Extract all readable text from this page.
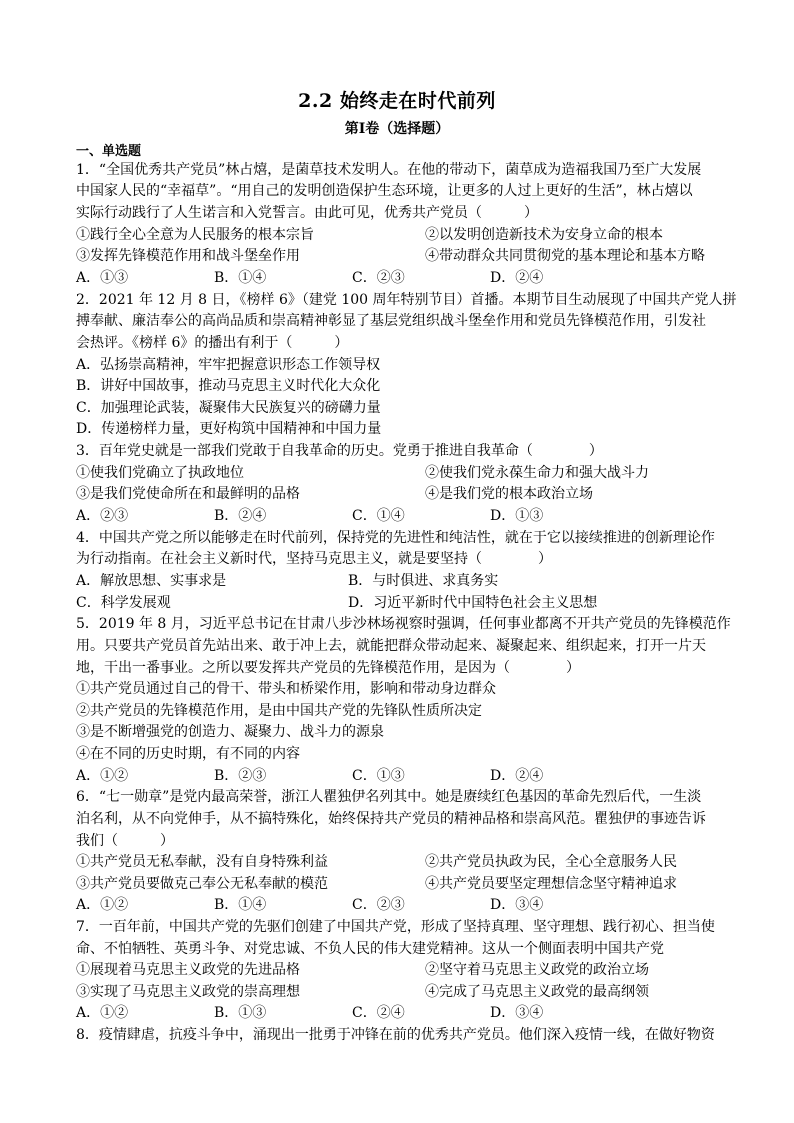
2.2 始终走在时代前列
第I卷（选择题）
一、单选题
1．“全国优秀共产党员”林占熺，是菌草技术发明人。在他的带动下，菌草成为造福我国乃至广大发展
中国家人民的“幸福草”。“用自己的发明创造保护生态环境，让更多的人过上更好的生活”，林占熺以
实际行动践行了人生诺言和入党誓言。由此可见，优秀共产党员（　　　）
①践行全心全意为人民服务的根本宗旨	②以发明创造新技术为安身立命的根本
③发挥先锋模范作用和战斗堡垒作用	④带动群众共同贯彻党的基本理论和基本方略
A．①③	B．①④	C．②③	D．②④
2．2021 年 12 月 8 日，《榜样 6》（建党 100 周年特别节目）首播。本期节目生动展现了中国共产党人拼
搏奉献、廉洁奉公的高尚品质和崇高精神彰显了基层党组织战斗堡垒作用和党员先锋模范作用，引发社
会热评。《榜样 6》的播出有利于（　　　）
A．弘扬崇高精神，牢牢把握意识形态工作领导权
B．讲好中国故事，推动马克思主义时代化大众化
C．加强理论武装，凝聚伟大民族复兴的磅礴力量
D．传递榜样力量，更好构筑中国精神和中国力量
3．百年党史就是一部我们党敢于自我革命的历史。党勇于推进自我革命（　　　　）
①使我们党确立了执政地位	②使我们党永葆生命力和强大战斗力
③是我们党使命所在和最鲜明的品格	④是我们党的根本政治立场
A．②③	B．②④	C．①④	D．①③
4．中国共产党之所以能够走在时代前列，保持党的先进性和纯洁性，就在于它以接续推进的创新理论作
为行动指南。在社会主义新时代，坚持马克思主义，就是要坚持（　　　　）
A．解放思想、实事求是	B．与时俱进、求真务实
C．科学发展观	D．习近平新时代中国特色社会主义思想
5．2019 年 8 月，习近平总书记在甘肃八步沙林场视察时强调，任何事业都离不开共产党员的先锋模范作
用。只要共产党员首先站出来、敢于冲上去，就能把群众带动起来、凝聚起来、组织起来，打开一片天
地，干出一番事业。之所以要发挥共产党员的先锋模范作用，是因为（　　　　）
①共产党员通过自己的骨干、带头和桥梁作用，影响和带动身边群众
②共产党员的先锋模范作用，是由中国共产党的先锋队性质所决定
③是不断增强党的创造力、凝聚力、战斗力的源泉
④在不同的历史时期，有不同的内容
A．①②	B．②③	C．①③	D．②④
6．“七一勋章”是党内最高荣誉，浙江人瞿独伊名列其中。她是赓续红色基因的革命先烈后代，一生淡
泊名利，从不向党伸手，从不搞特殊化，始终保持共产党员的精神品格和崇高风范。瞿独伊的事迹告诉
我们（　　　）
①共产党员无私奉献，没有自身特殊利益	②共产党员执政为民，全心全意服务人民
③共产党员要做克己奉公无私奉献的模范	④共产党员要坚定理想信念坚守精神追求
A．①②	B．①④	C．②③	D．③④
7．一百年前，中国共产党的先驱们创建了中国共产党，形成了坚持真理、坚守理想、践行初心、担当使
命、不怕牺牲、英勇斗争、对党忠诚、不负人民的伟大建党精神。这从一个侧面表明中国共产党
①展现着马克思主义政党的先进品格	②坚守着马克思主义政党的政治立场
③实现了马克思主义政党的崇高理想	④完成了马克思主义政党的最高纲领
A．①②	B．①③	C．②④	D．③④
8．疫情肆虐，抗疫斗争中，涌现出一批勇于冲锋在前的优秀共产党员。他们深入疫情一线，在做好物资
